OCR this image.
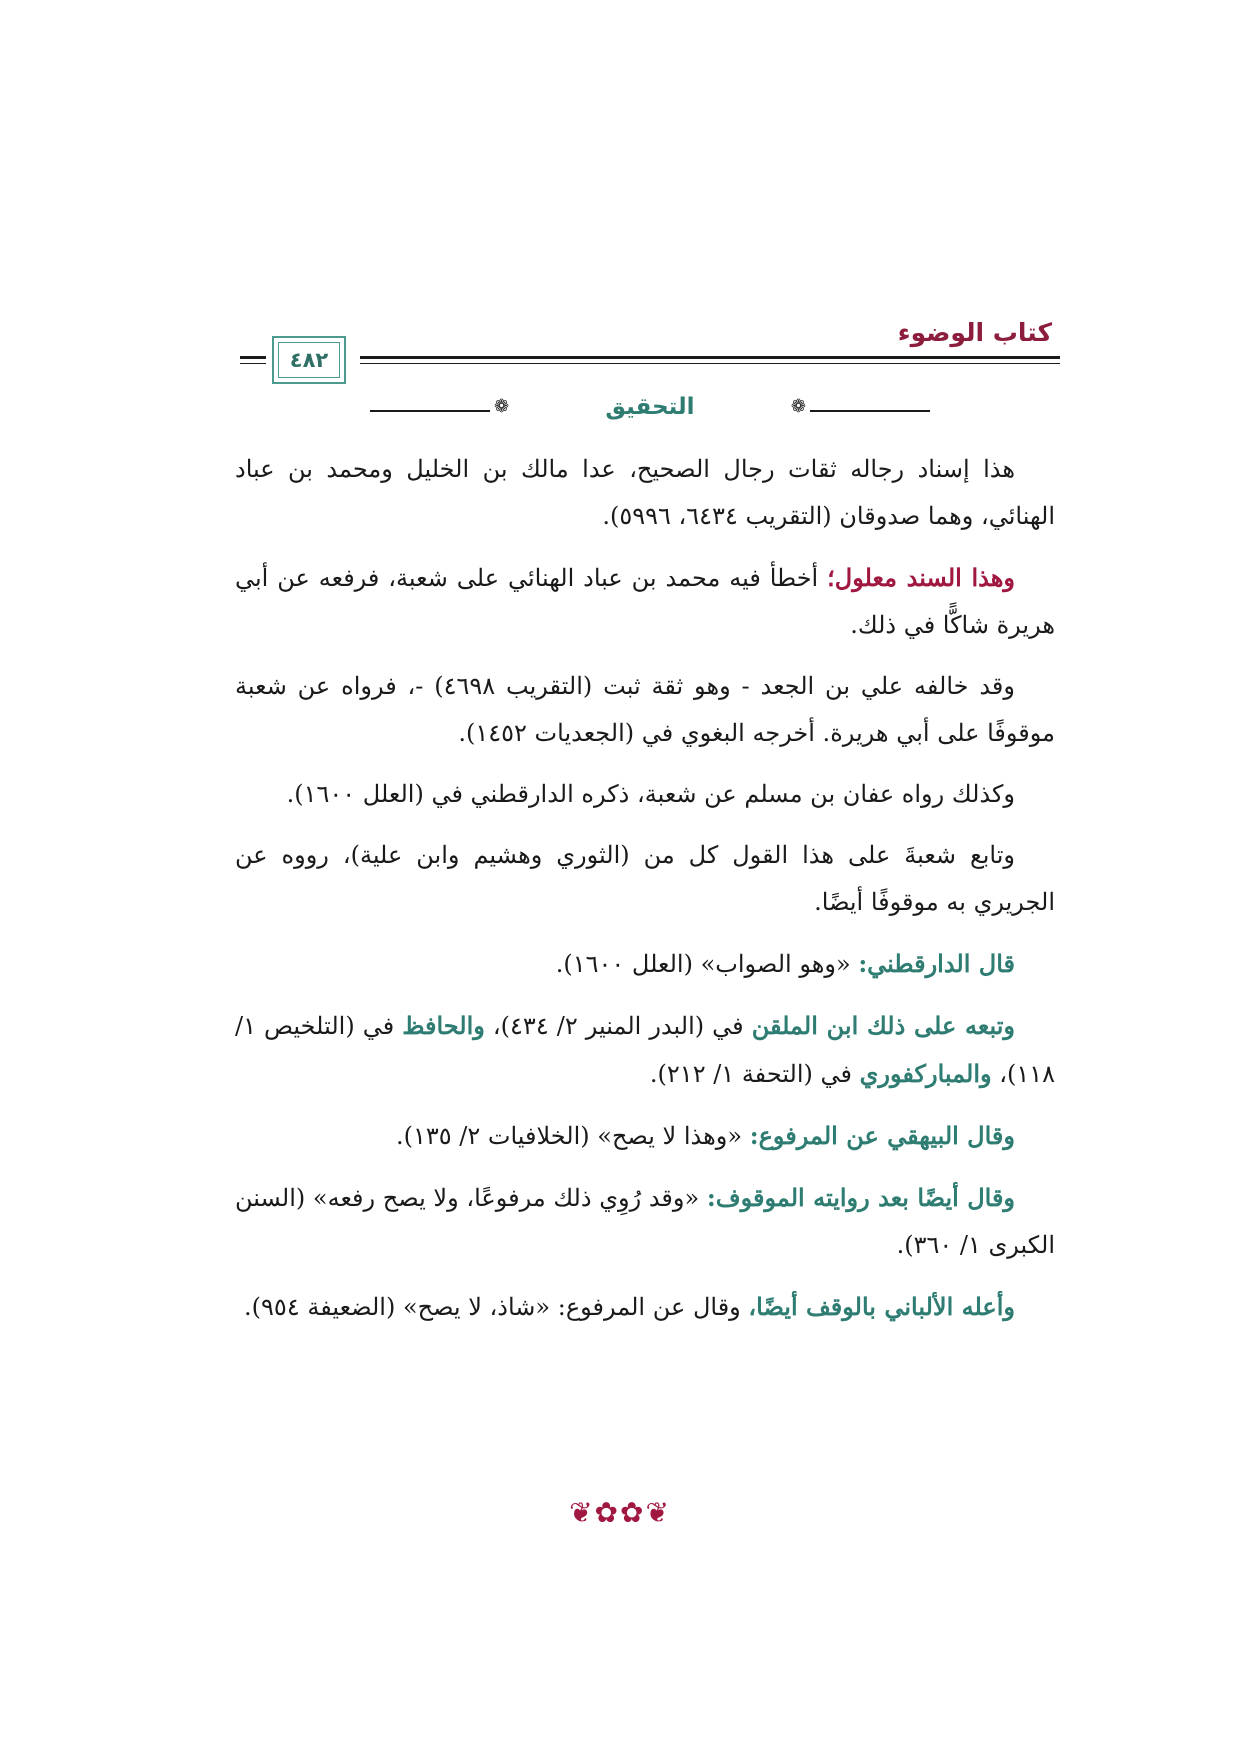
كتاب الوضوء
٤٨٢
❁
التحقيق
❁

هذا إسناد رجاله ثقات رجال الصحيح، عدا مالك بن الخليل ومحمد بن عباد الهنائي، وهما صدوقان (التقريب ٦٤٣٤، ٥٩٩٦).

وهذا السند معلول؛ أخطأ فيه محمد بن عباد الهنائي على شعبة، فرفعه عن أبي هريرة شاكًّا في ذلك.

وقد خالفه علي بن الجعد - وهو ثقة ثبت (التقريب ٤٦٩٨) -، فرواه عن شعبة موقوفًا على أبي هريرة. أخرجه البغوي في (الجعديات ١٤٥٢).

وكذلك رواه عفان بن مسلم عن شعبة، ذكره الدارقطني في (العلل ١٦٠٠).

وتابع شعبةَ على هذا القول كل من (الثوري وهشيم وابن علية)، رووه عن الجريري به موقوفًا أيضًا.

قال الدارقطني: «وهو الصواب» (العلل ١٦٠٠).

وتبعه على ذلك ابن الملقن في (البدر المنير ٢/ ٤٣٤)، والحافظ في (التلخيص ١/ ١١٨)، والمباركفوري في (التحفة ١/ ٢١٢).

وقال البيهقي عن المرفوع: «وهذا لا يصح» (الخلافيات ٢/ ١٣٥).

وقال أيضًا بعد روايته الموقوف: «وقد رُوِي ذلك مرفوعًا، ولا يصح رفعه» (السنن الكبرى ١/ ٣٦٠).

وأعله الألباني بالوقف أيضًا، وقال عن المرفوع: «شاذ، لا يصح» (الضعيفة ٩٥٤).

❦✿✿❦
